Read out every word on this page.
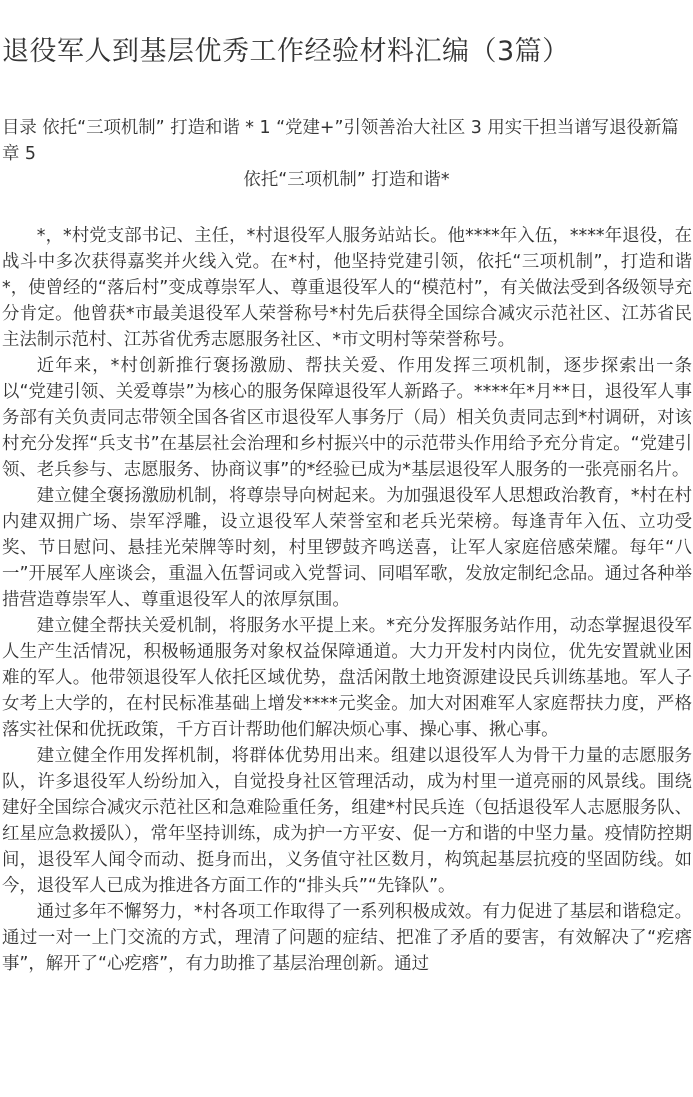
退役军人到基层优秀工作经验材料汇编（3篇）
目录 依托“三项机制” 打造和谐 * 1 “党建+”引领善治大社区 3 用实干担当谱写退役新篇章 5
依托“三项机制” 打造和谐*

*，*村党支部书记、主任，*村退役军人服务站站长。他****年入伍，****年退役，在战斗中多次获得嘉奖并火线入党。在*村，他坚持党建引领，依托“三项机制”，打造和谐*，使曾经的“落后村”变成尊崇军人、尊重退役军人的“模范村”，有关做法受到各级领导充分肯定。他曾获*市最美退役军人荣誉称号*村先后获得全国综合减灾示范社区、江苏省民主法制示范村、江苏省优秀志愿服务社区、*市文明村等荣誉称号。

近年来，*村创新推行褒扬激励、帮扶关爱、作用发挥三项机制，逐步探索出一条以“党建引领、关爱尊崇”为核心的服务保障退役军人新路子。****年*月**日，退役军人事务部有关负责同志带领全国各省区市退役军人事务厅（局）相关负责同志到*村调研，对该村充分发挥“兵支书”在基层社会治理和乡村振兴中的示范带头作用给予充分肯定。“党建引领、老兵参与、志愿服务、协商议事”的*经验已成为*基层退役军人服务的一张亮丽名片。

建立健全褒扬激励机制，将尊崇导向树起来。为加强退役军人思想政治教育，*村在村内建双拥广场、崇军浮雕，设立退役军人荣誉室和老兵光荣榜。每逢青年入伍、立功受奖、节日慰问、悬挂光荣牌等时刻，村里锣鼓齐鸣送喜，让军人家庭倍感荣耀。每年“八一”开展军人座谈会，重温入伍誓词或入党誓词、同唱军歌，发放定制纪念品。通过各种举措营造尊崇军人、尊重退役军人的浓厚氛围。

建立健全帮扶关爱机制，将服务水平提上来。*充分发挥服务站作用，动态掌握退役军人生产生活情况，积极畅通服务对象权益保障通道。大力开发村内岗位，优先安置就业困难的军人。他带领退役军人依托区域优势，盘活闲散土地资源建设民兵训练基地。军人子女考上大学的，在村民标准基础上增发****元奖金。加大对困难军人家庭帮扶力度，严格落实社保和优抚政策，千方百计帮助他们解决烦心事、操心事、揪心事。

建立健全作用发挥机制，将群体优势用出来。组建以退役军人为骨干力量的志愿服务队，许多退役军人纷纷加入，自觉投身社区管理活动，成为村里一道亮丽的风景线。围绕建好全国综合减灾示范社区和急难险重任务，组建*村民兵连（包括退役军人志愿服务队、红星应急救援队），常年坚持训练，成为护一方平安、促一方和谐的中坚力量。疫情防控期间，退役军人闻令而动、挺身而出，义务值守社区数月，构筑起基层抗疫的坚固防线。如今，退役军人已成为推进各方面工作的“排头兵”“先锋队”。

通过多年不懈努力，*村各项工作取得了一系列积极成效。有力促进了基层和谐稳定。通过一对一上门交流的方式，理清了问题的症结、把准了矛盾的要害，有效解决了“疙瘩事”，解开了“心疙瘩”，有力助推了基层治理创新。通过
